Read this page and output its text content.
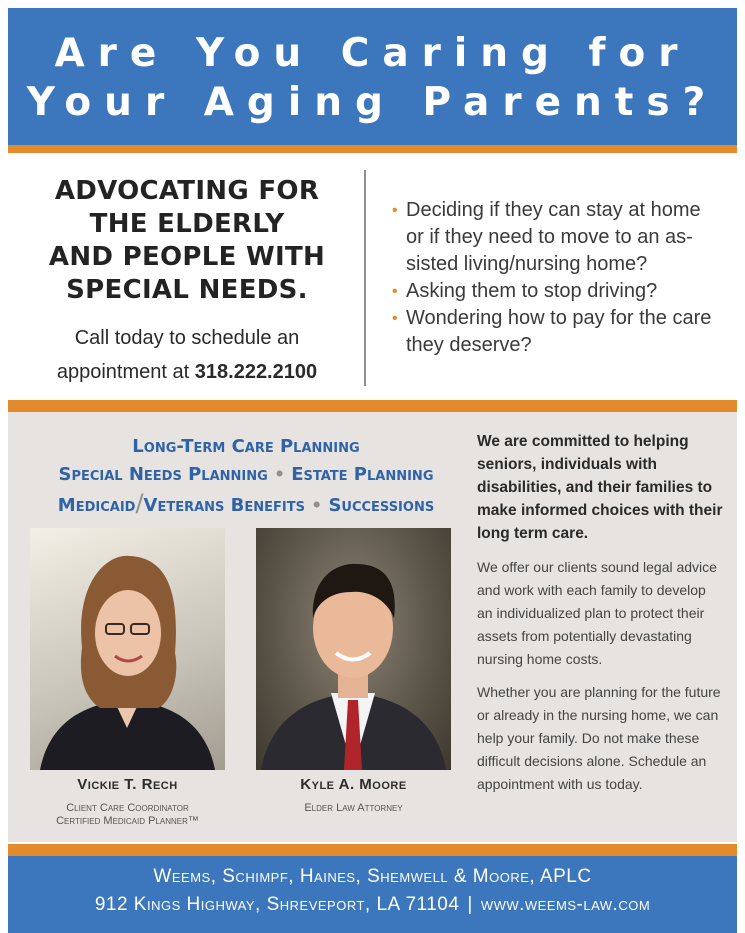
Are You Caring for
Your Aging Parents?
ADVOCATING FOR
THE ELDERLY
AND PEOPLE WITH
SPECIAL NEEDS.
Call today to schedule an appointment at 318.222.2100
• Deciding if they can stay at home or if they need to move to an as-sisted living/nursing home?
• Asking them to stop driving?
• Wondering how to pay for the care they deserve?
Long-Term Care Planning
Special Needs Planning • Estate Planning
Medicaid/Veterans Benefits • Successions
Vickie T. Rech
Client Care Coordinator
Certified Medicaid Planner™
Kyle A. Moore
Elder Law Attorney

We are committed to helping seniors, individuals with disabilities, and their families to make informed choices with their long term care.

We offer our clients sound legal advice and work with each family to develop an individualized plan to protect their assets from potentially devastating nursing home costs.

Whether you are planning for the future or already in the nursing home, we can help your family. Do not make these difficult decisions alone. Schedule an appointment with us today.

Weems, Schimpf, Haines, Shemwell & Moore, APLC
912 Kings Highway, Shreveport, LA 71104 | www.weems-law.com
